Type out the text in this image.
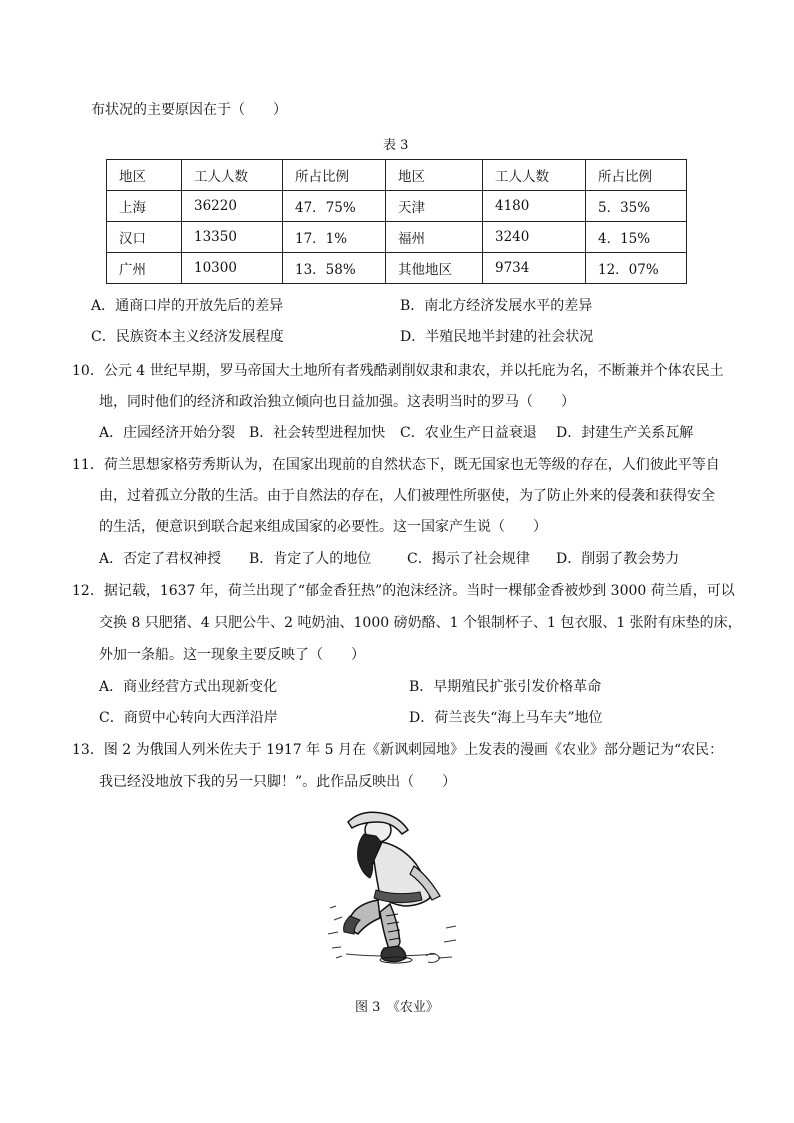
布状况的主要原因在于（　　）
表 3
地区	工人人数	所占比例	地区	工人人数	所占比例
上海	36220	47．75%	天津	4180	5．35%
汉口	13350	17．1%	福州	3240	4．15%
广州	10300	13．58%	其他地区	9734	12．07%
A．通商口岸的开放先后的差异	B．南北方经济发展水平的差异
C．民族资本主义经济发展程度	D．半殖民地半封建的社会状况
10．公元 4 世纪早期，罗马帝国大土地所有者残酷剥削奴隶和隶农，并以托庇为名，不断兼并个体农民土
地，同时他们的经济和政治独立倾向也日益加强。这表明当时的罗马（　　）
A．庄园经济开始分裂 B．社会转型进程加快 C．农业生产日益衰退 D．封建生产关系瓦解
11．荷兰思想家格劳秀斯认为，在国家出现前的自然状态下，既无国家也无等级的存在，人们彼此平等自
由，过着孤立分散的生活。由于自然法的存在，人们被理性所驱使，为了防止外来的侵袭和获得安全
的生活，便意识到联合起来组成国家的必要性。这一国家产生说（　　）
A．否定了君权神授 B．肯定了人的地位	C．揭示了社会规律 D．削弱了教会势力
12．据记载，1637 年，荷兰出现了“郁金香狂热”的泡沫经济。当时一棵郁金香被炒到 3000 荷兰盾，可以
交换 8 只肥猪、4 只肥公牛、2 吨奶油、1000 磅奶酪、1 个银制杯子、1 包衣服、1 张附有床垫的床，
外加一条船。这一现象主要反映了（　　）
A．商业经营方式出现新变化	B．早期殖民扩张引发价格革命
C．商贸中心转向大西洋沿岸	D．荷兰丧失“海上马车夫”地位
13．图 2 为俄国人列米佐夫于 1917 年 5 月在《新讽刺园地》上发表的漫画《农业》部分题记为“农民：
我已经没地放下我的另一只脚！”。此作品反映出（　　）
图 3　《农业》
